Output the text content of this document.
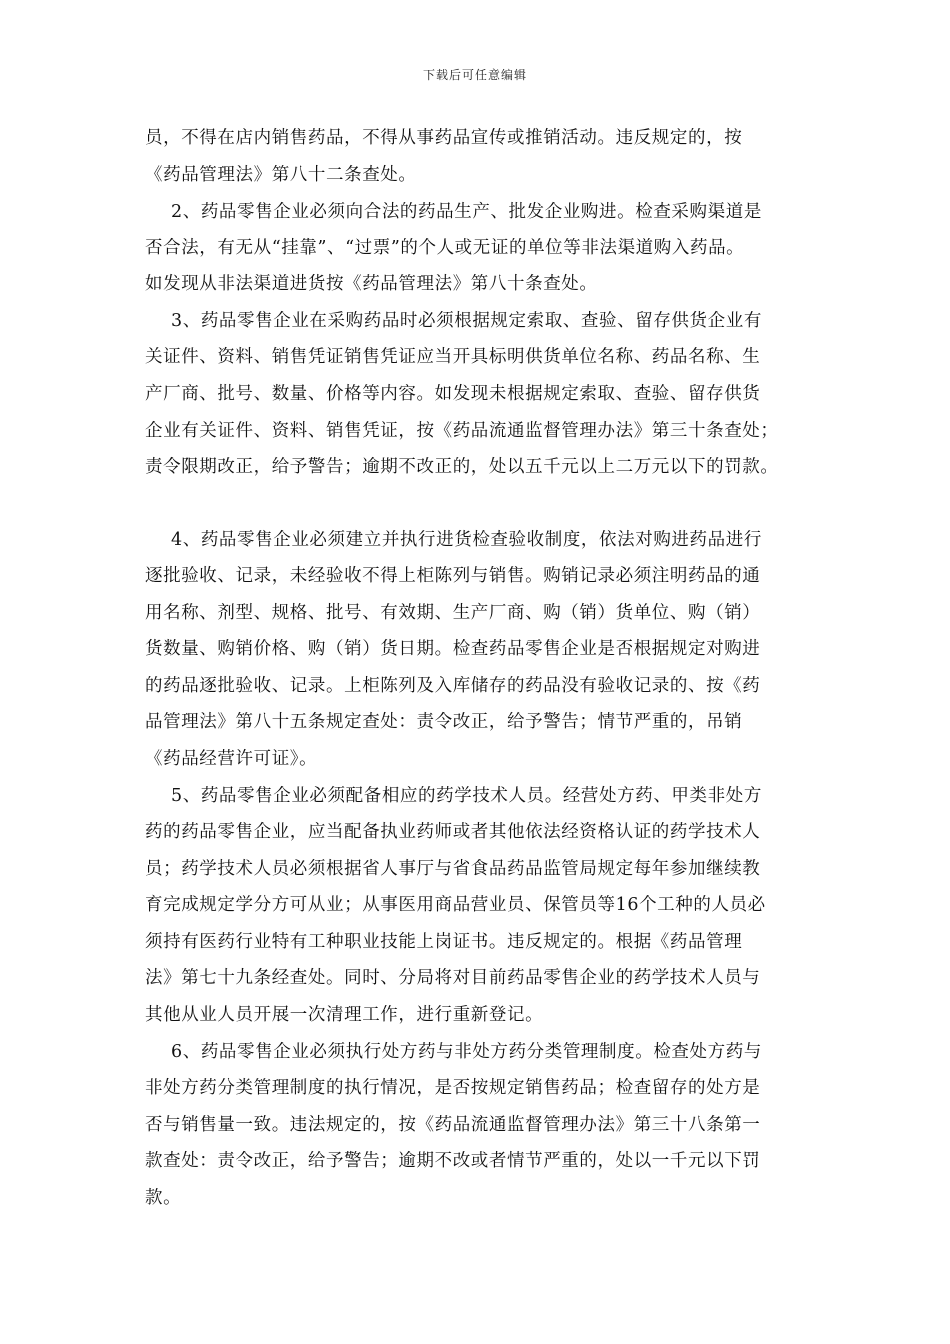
下载后可任意编辑
员，不得在店内销售药品，不得从事药品宣传或推销活动。违反规定的，按
《药品管理法》第八十二条查处。
2、药品零售企业必须向合法的药品生产、批发企业购进。检查采购渠道是
否合法，有无从“挂靠”、“过票”的个人或无证的单位等非法渠道购入药品。
如发现从非法渠道进货按《药品管理法》第八十条查处。
3、药品零售企业在采购药品时必须根据规定索取、查验、留存供货企业有
关证件、资料、销售凭证销售凭证应当开具标明供货单位名称、药品名称、生
产厂商、批号、数量、价格等内容。如发现未根据规定索取、查验、留存供货
企业有关证件、资料、销售凭证，按《药品流通监督管理办法》第三十条查处；
责令限期改正，给予警告；逾期不改正的，处以五千元以上二万元以下的罚款。
4、药品零售企业必须建立并执行进货检查验收制度，依法对购进药品进行
逐批验收、记录，未经验收不得上柜陈列与销售。购销记录必须注明药品的通
用名称、剂型、规格、批号、有效期、生产厂商、购（销）货单位、购（销）
货数量、购销价格、购（销）货日期。检查药品零售企业是否根据规定对购进
的药品逐批验收、记录。上柜陈列及入库储存的药品没有验收记录的、按《药
品管理法》第八十五条规定查处：责令改正，给予警告；情节严重的，吊销
《药品经营许可证》。
5、药品零售企业必须配备相应的药学技术人员。经营处方药、甲类非处方
药的药品零售企业，应当配备执业药师或者其他依法经资格认证的药学技术人
员；药学技术人员必须根据省人事厅与省食品药品监管局规定每年参加继续教
育完成规定学分方可从业；从事医用商品营业员、保管员等16个工种的人员必
须持有医药行业特有工种职业技能上岗证书。违反规定的。根据《药品管理
法》第七十九条经查处。同时、分局将对目前药品零售企业的药学技术人员与
其他从业人员开展一次清理工作，进行重新登记。
6、药品零售企业必须执行处方药与非处方药分类管理制度。检查处方药与
非处方药分类管理制度的执行情况，是否按规定销售药品；检查留存的处方是
否与销售量一致。违法规定的，按《药品流通监督管理办法》第三十八条第一
款查处：责令改正，给予警告；逾期不改或者情节严重的，处以一千元以下罚
款。
